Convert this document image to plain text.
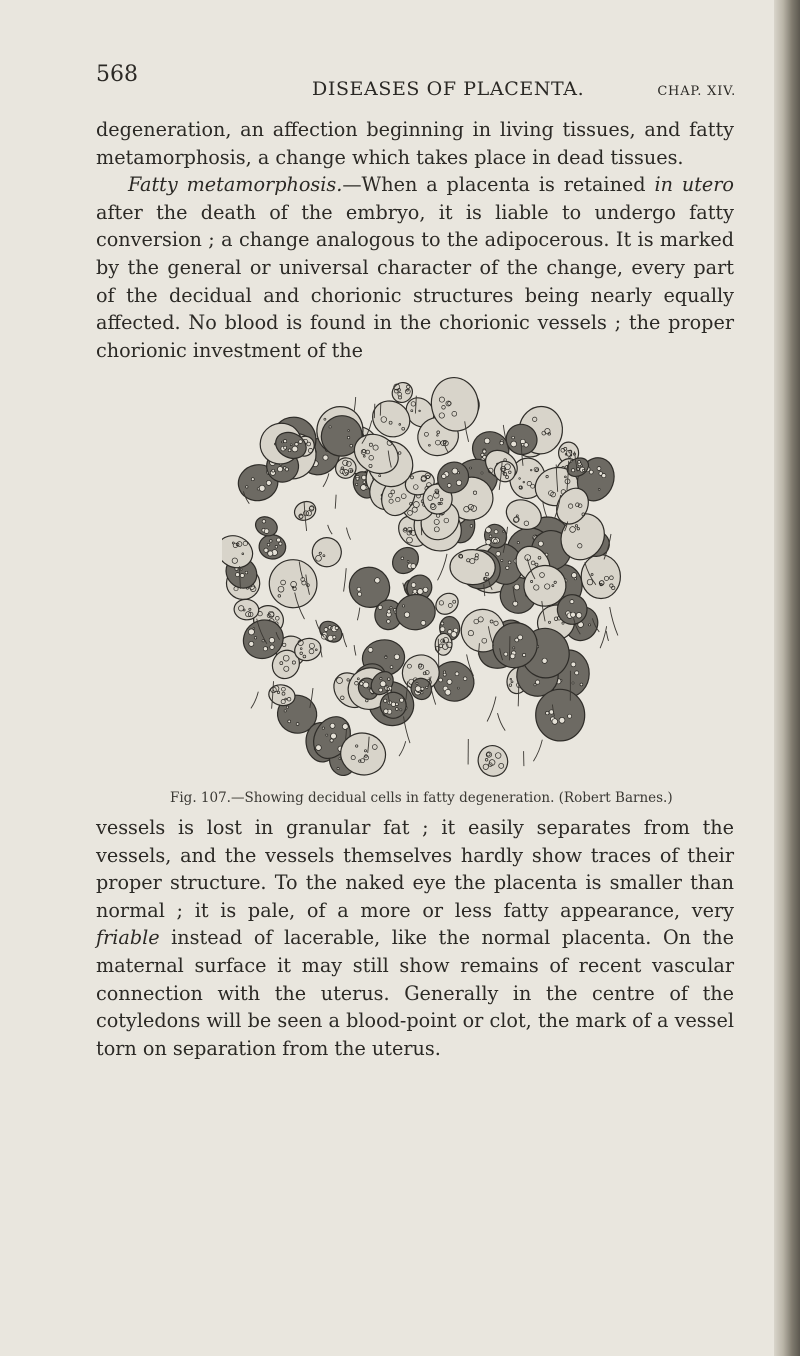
568
DISEASES OF PLACENTA.	CHAP. XIV.

degeneration, an affection beginning in living tissues, and fatty metamorphosis, a change which takes place in dead tissues.

Fatty metamorphosis.—When a placenta is retained in utero after the death of the embryo, it is liable to undergo fatty conversion ; a change analogous to the adipocerous. It is marked by the general or universal character of the change, every part of the decidual and chorionic structures being nearly equally affected. No blood is found in the chorionic vessels ; the proper chorionic investment of the

Fig. 107.—Showing decidual cells in fatty degeneration. (Robert Barnes.)

vessels is lost in granular fat ; it easily separates from the vessels, and the vessels themselves hardly show traces of their proper structure. To the naked eye the placenta is smaller than normal ; it is pale, of a more or less fatty appearance, very friable instead of lacerable, like the normal placenta. On the maternal surface it may still show remains of recent vascular connection with the uterus. Generally in the centre of the cotyledons will be seen a blood-point or clot, the mark of a vessel torn on separation from the uterus.
